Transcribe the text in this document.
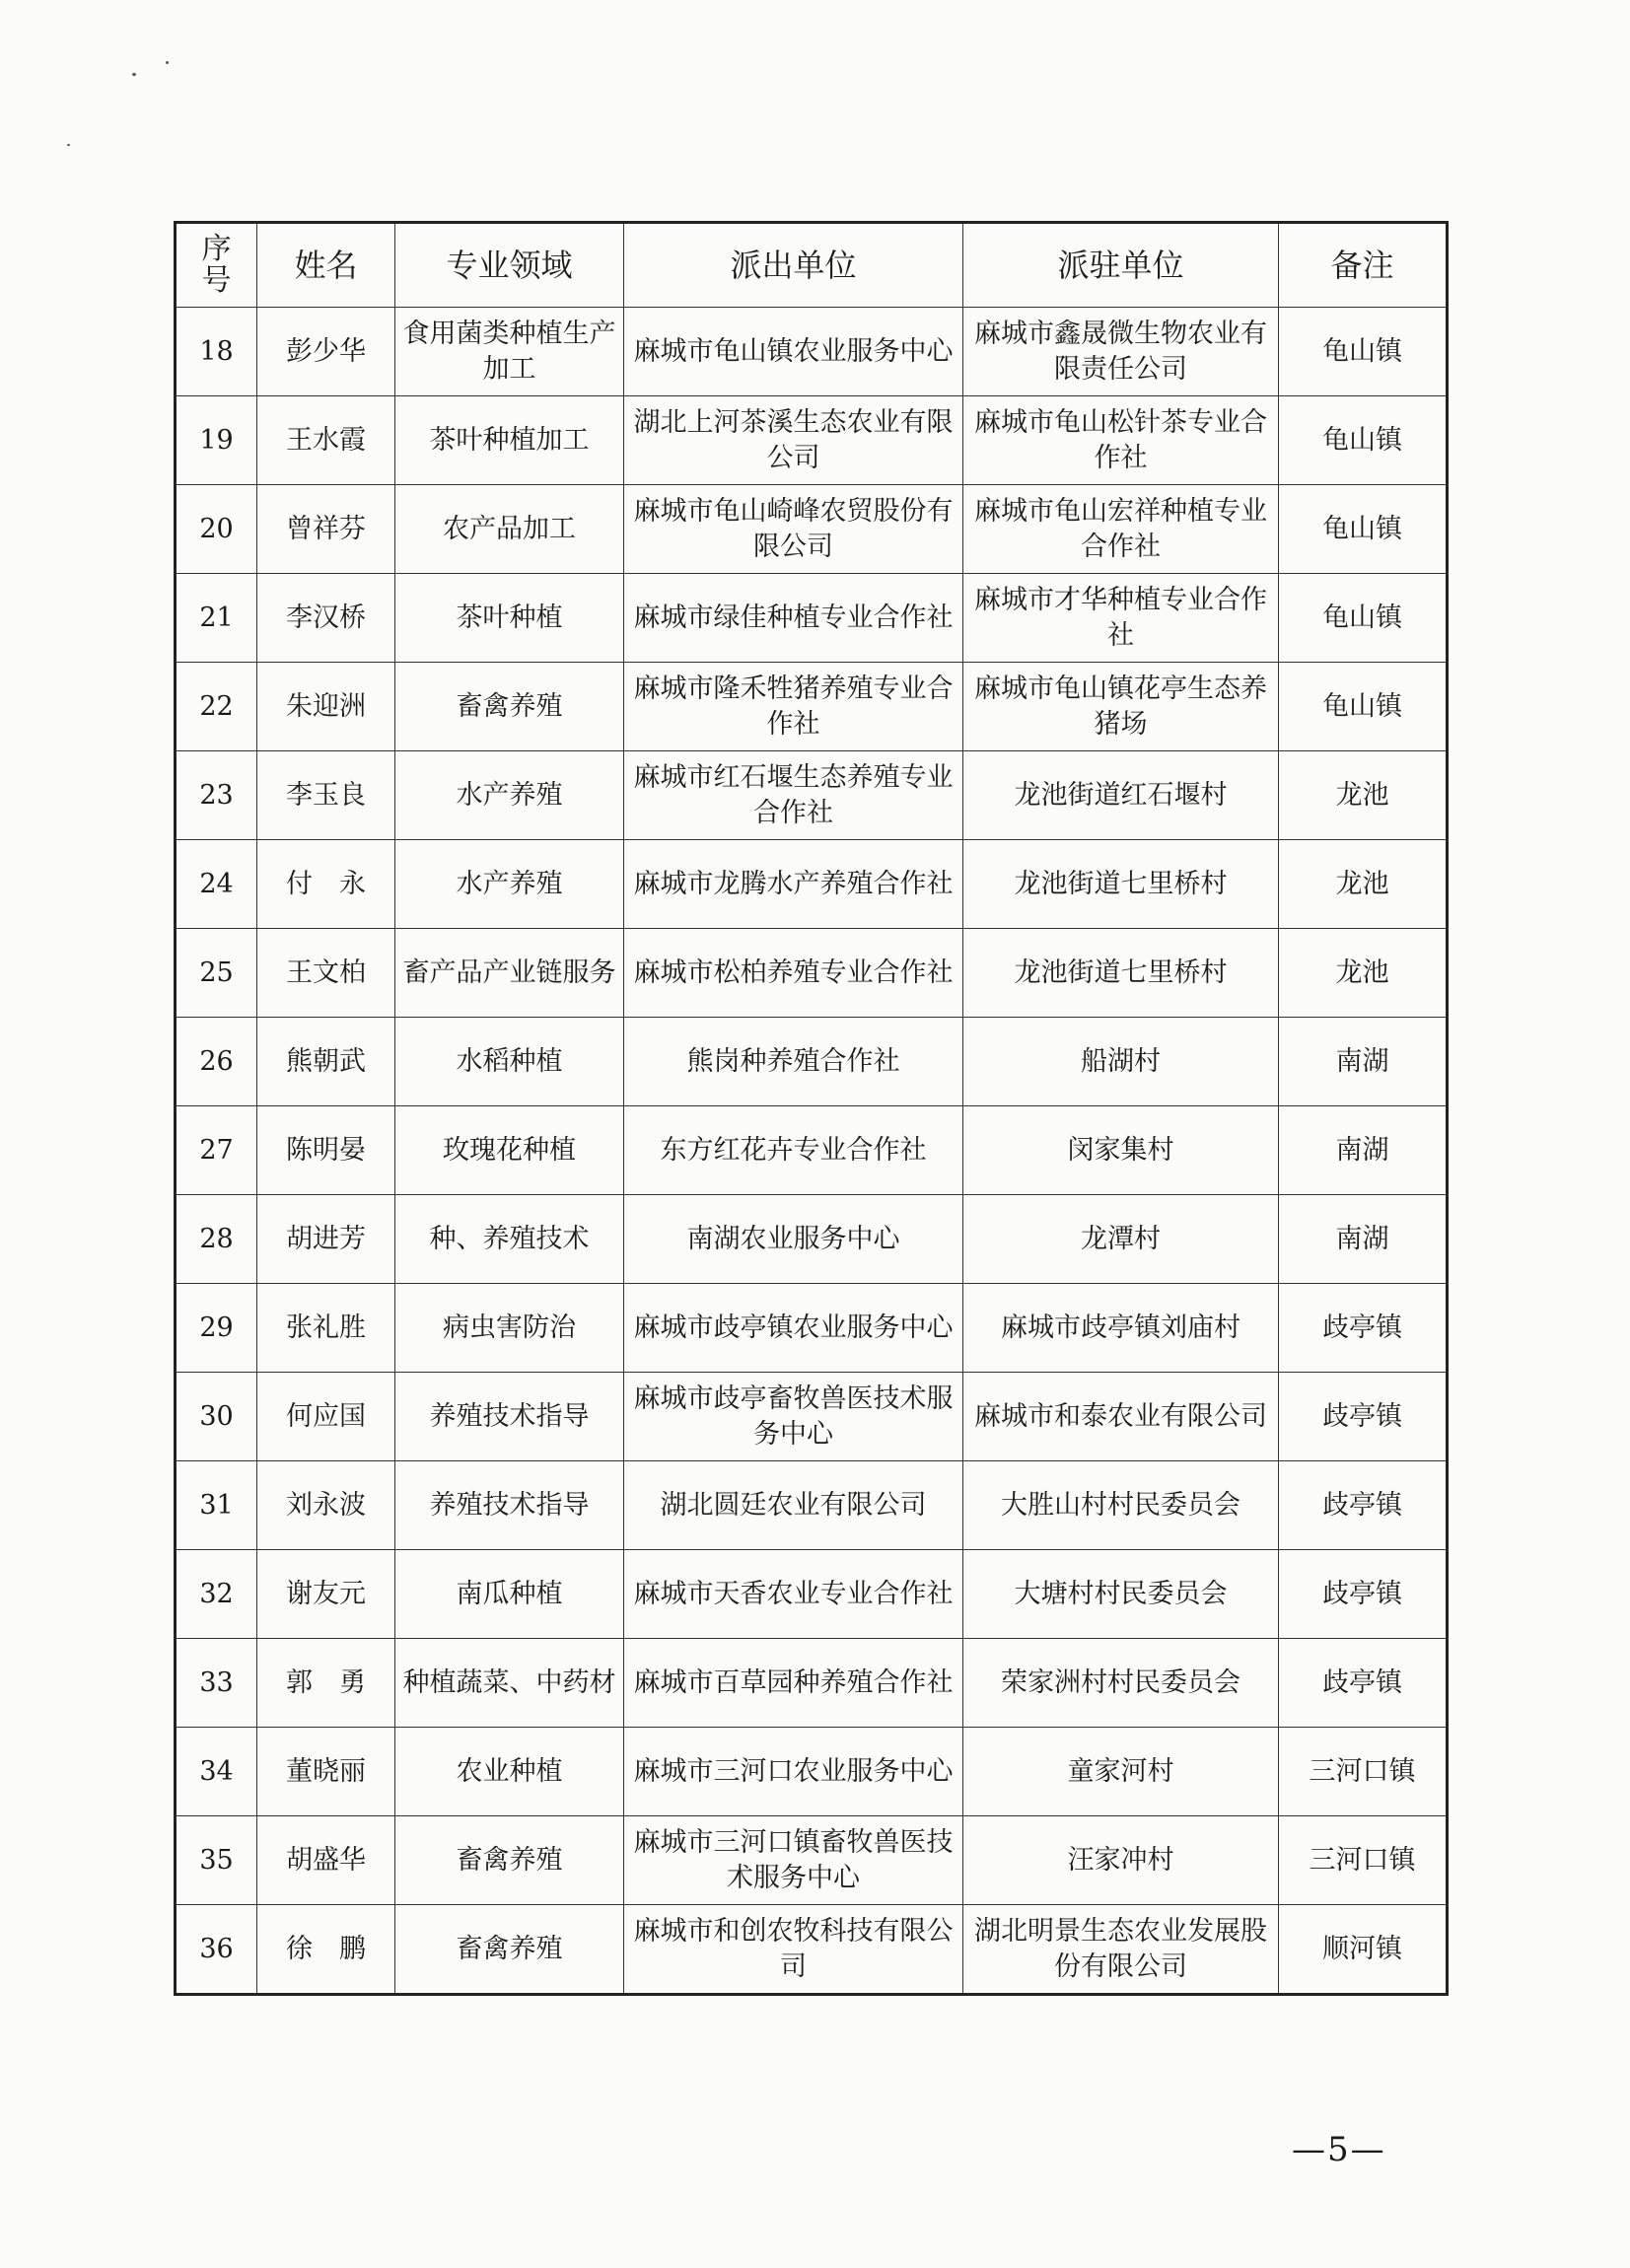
序
号	姓名	专业领域	派出单位	派驻单位	备注
18	彭少华	食用菌类种植生产加工	麻城市龟山镇农业服务中心	麻城市鑫晟微生物农业有限责任公司	龟山镇
19	王水霞	茶叶种植加工	湖北上河茶溪生态农业有限公司	麻城市龟山松针茶专业合作社	龟山镇
20	曾祥芬	农产品加工	麻城市龟山崎峰农贸股份有限公司	麻城市龟山宏祥种植专业合作社	龟山镇
21	李汉桥	茶叶种植	麻城市绿佳种植专业合作社	麻城市才华种植专业合作社	龟山镇
22	朱迎洲	畜禽养殖	麻城市隆禾牲猪养殖专业合作社	麻城市龟山镇花亭生态养猪场	龟山镇
23	李玉良	水产养殖	麻城市红石堰生态养殖专业合作社	龙池街道红石堰村	龙池
24	付　永	水产养殖	麻城市龙腾水产养殖合作社	龙池街道七里桥村	龙池
25	王文柏	畜产品产业链服务	麻城市松柏养殖专业合作社	龙池街道七里桥村	龙池
26	熊朝武	水稻种植	熊岗种养殖合作社	船湖村	南湖
27	陈明晏	玫瑰花种植	东方红花卉专业合作社	闵家集村	南湖
28	胡进芳	种、养殖技术	南湖农业服务中心	龙潭村	南湖
29	张礼胜	病虫害防治	麻城市歧亭镇农业服务中心	麻城市歧亭镇刘庙村	歧亭镇
30	何应国	养殖技术指导	麻城市歧亭畜牧兽医技术服务中心	麻城市和泰农业有限公司	歧亭镇
31	刘永波	养殖技术指导	湖北圆廷农业有限公司	大胜山村村民委员会	歧亭镇
32	谢友元	南瓜种植	麻城市天香农业专业合作社	大塘村村民委员会	歧亭镇
33	郭　勇	种植蔬菜、中药材	麻城市百草园种养殖合作社	荣家洲村村民委员会	歧亭镇
34	董晓丽	农业种植	麻城市三河口农业服务中心	童家河村	三河口镇
35	胡盛华	畜禽养殖	麻城市三河口镇畜牧兽医技术服务中心	汪家冲村	三河口镇
36	徐　鹏	畜禽养殖	麻城市和创农牧科技有限公司	湖北明景生态农业发展股份有限公司	顺河镇
—5—
